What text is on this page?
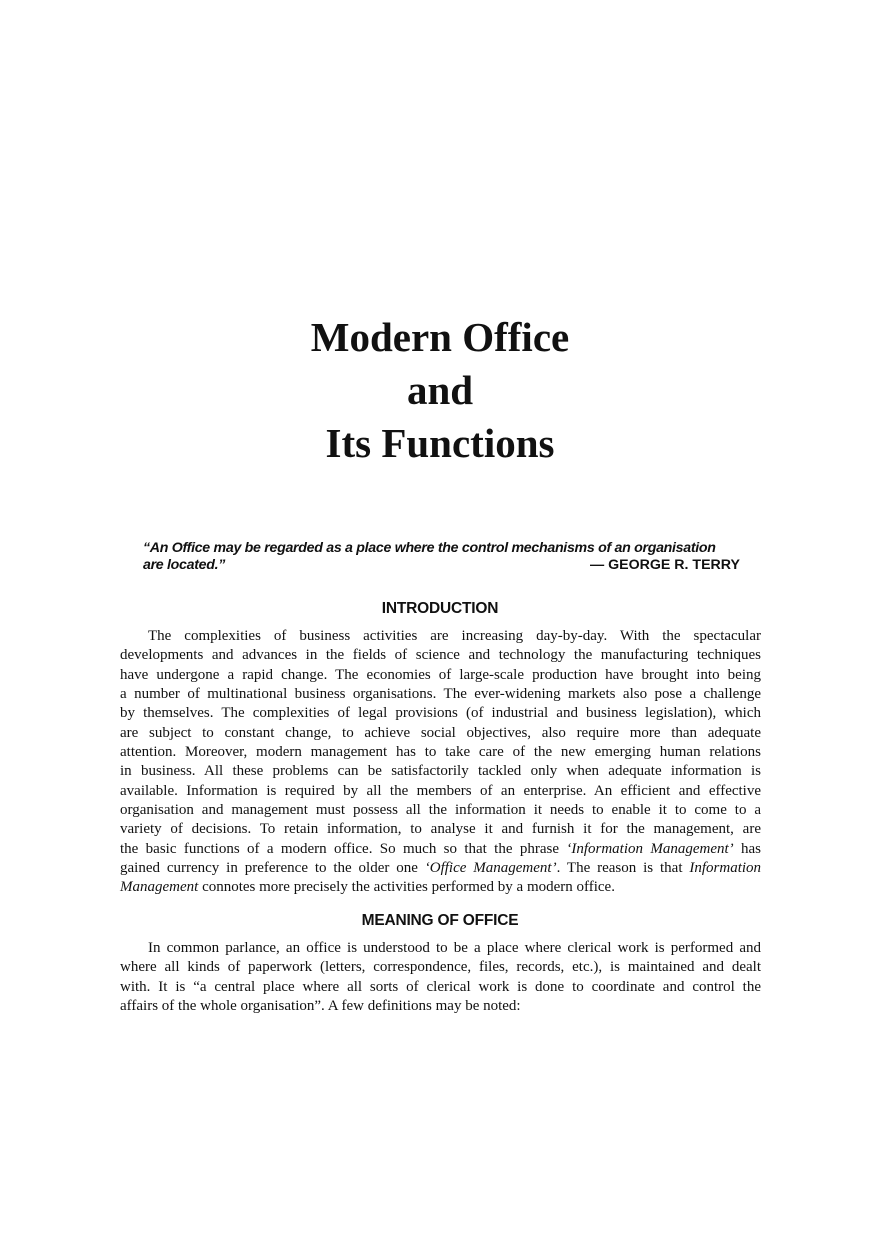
Modern Office
and
Its Functions
“An Office may be regarded as a place where the control mechanisms of an organisation
are located.”	— GEORGE R. TERRY
INTRODUCTION
The complexities of business activities are increasing day-by-day. With the spectacular
developments and advances in the fields of science and technology the manufacturing techniques
have undergone a rapid change. The economies of large-scale production have brought into being
a number of multinational business organisations. The ever-widening markets also pose a challenge
by themselves. The complexities of legal provisions (of industrial and business legislation), which
are subject to constant change, to achieve social objectives, also require more than adequate
attention. Moreover, modern management has to take care of the new emerging human relations
in business. All these problems can be satisfactorily tackled only when adequate information is
available. Information is required by all the members of an enterprise. An efficient and effective
organisation and management must possess all the information it needs to enable it to come to a
variety of decisions. To retain information, to analyse it and furnish it for the management, are
the basic functions of a modern office. So much so that the phrase ‘Information Management’ has
gained currency in preference to the older one ‘Office Management’. The reason is that Information
Management connotes more precisely the activities performed by a modern office.
MEANING OF OFFICE
In common parlance, an office is understood to be a place where clerical work is performed and
where all kinds of paperwork (letters, correspondence, files, records, etc.), is maintained and dealt
with. It is “a central place where all sorts of clerical work is done to coordinate and control the
affairs of the whole organisation”. A few definitions may be noted:
